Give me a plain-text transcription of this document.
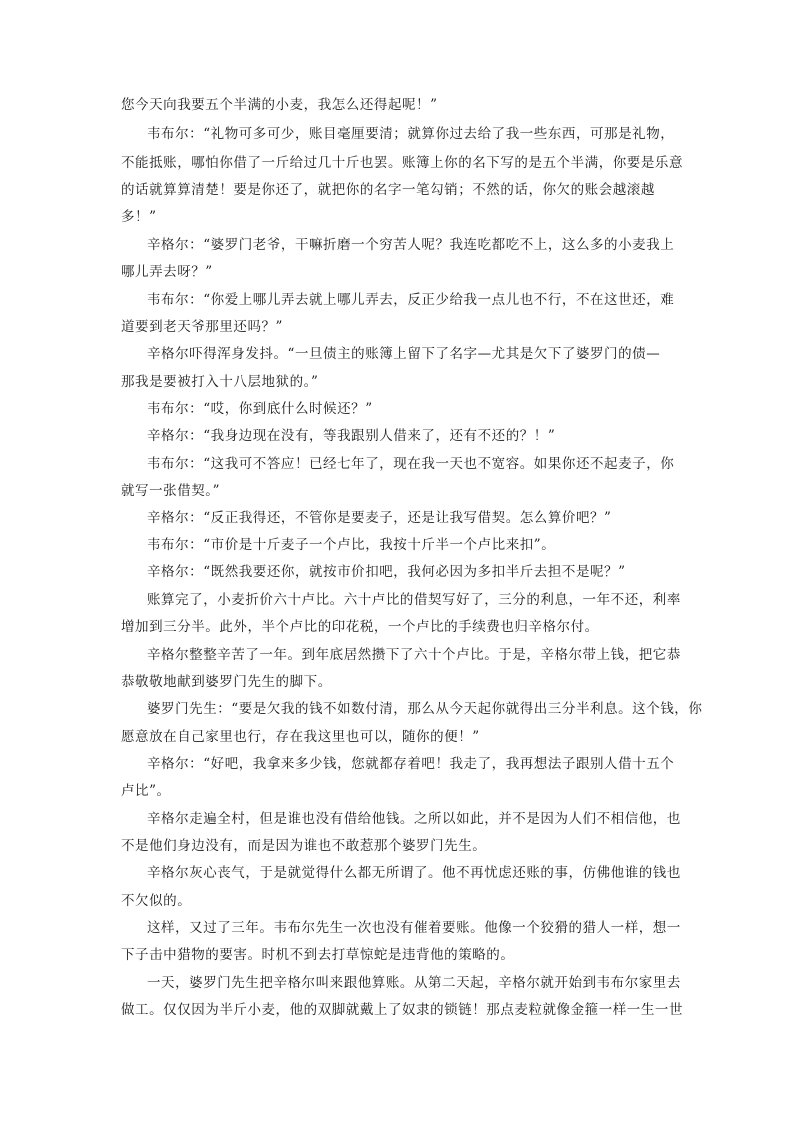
您今天向我要五个半满的小麦，我怎么还得起呢！”
韦布尔：“礼物可多可少，账目毫厘要清；就算你过去给了我一些东西，可那是礼物，
不能抵账，哪怕你借了一斤给过几十斤也罢。账簿上你的名下写的是五个半满，你要是乐意
的话就算算清楚！要是你还了，就把你的名字一笔勾销；不然的话，你欠的账会越滚越
多！”
辛格尔：“婆罗门老爷，干嘛折磨一个穷苦人呢？我连吃都吃不上，这么多的小麦我上
哪儿弄去呀？”
韦布尔：“你爱上哪儿弄去就上哪儿弄去，反正少给我一点儿也不行，不在这世还，难
道要到老天爷那里还吗？”
辛格尔吓得浑身发抖。“一旦债主的账簿上留下了名字—尤其是欠下了婆罗门的债—
那我是要被打入十八层地狱的。”
韦布尔：“哎，你到底什么时候还？”
辛格尔：“我身边现在没有，等我跟别人借来了，还有不还的？！”
韦布尔：“这我可不答应！已经七年了，现在我一天也不宽容。如果你还不起麦子，你
就写一张借契。”
辛格尔：“反正我得还，不管你是要麦子，还是让我写借契。怎么算价吧？”
韦布尔：“市价是十斤麦子一个卢比，我按十斤半一个卢比来扣”。
辛格尔：“既然我要还你，就按市价扣吧，我何必因为多扣半斤去担不是呢？”
账算完了，小麦折价六十卢比。六十卢比的借契写好了，三分的利息，一年不还，利率
增加到三分半。此外，半个卢比的印花税，一个卢比的手续费也归辛格尔付。
辛格尔整整辛苦了一年。到年底居然攒下了六十个卢比。于是，辛格尔带上钱，把它恭
恭敬敬地献到婆罗门先生的脚下。
婆罗门先生：“要是欠我的钱不如数付清，那么从今天起你就得出三分半利息。这个钱，你
愿意放在自己家里也行，存在我这里也可以，随你的便！”
辛格尔：“好吧，我拿来多少钱，您就都存着吧！我走了，我再想法子跟别人借十五个
卢比”。
辛格尔走遍全村，但是谁也没有借给他钱。之所以如此，并不是因为人们不相信他，也
不是他们身边没有，而是因为谁也不敢惹那个婆罗门先生。
辛格尔灰心丧气，于是就觉得什么都无所谓了。他不再忧虑还账的事，仿佛他谁的钱也
不欠似的。
这样，又过了三年。韦布尔先生一次也没有催着要账。他像一个狡猾的猎人一样，想一
下子击中猎物的要害。时机不到去打草惊蛇是违背他的策略的。
一天，婆罗门先生把辛格尔叫来跟他算账。从第二天起，辛格尔就开始到韦布尔家里去
做工。仅仅因为半斤小麦，他的双脚就戴上了奴隶的锁链！那点麦粒就像金箍一样一生一世
